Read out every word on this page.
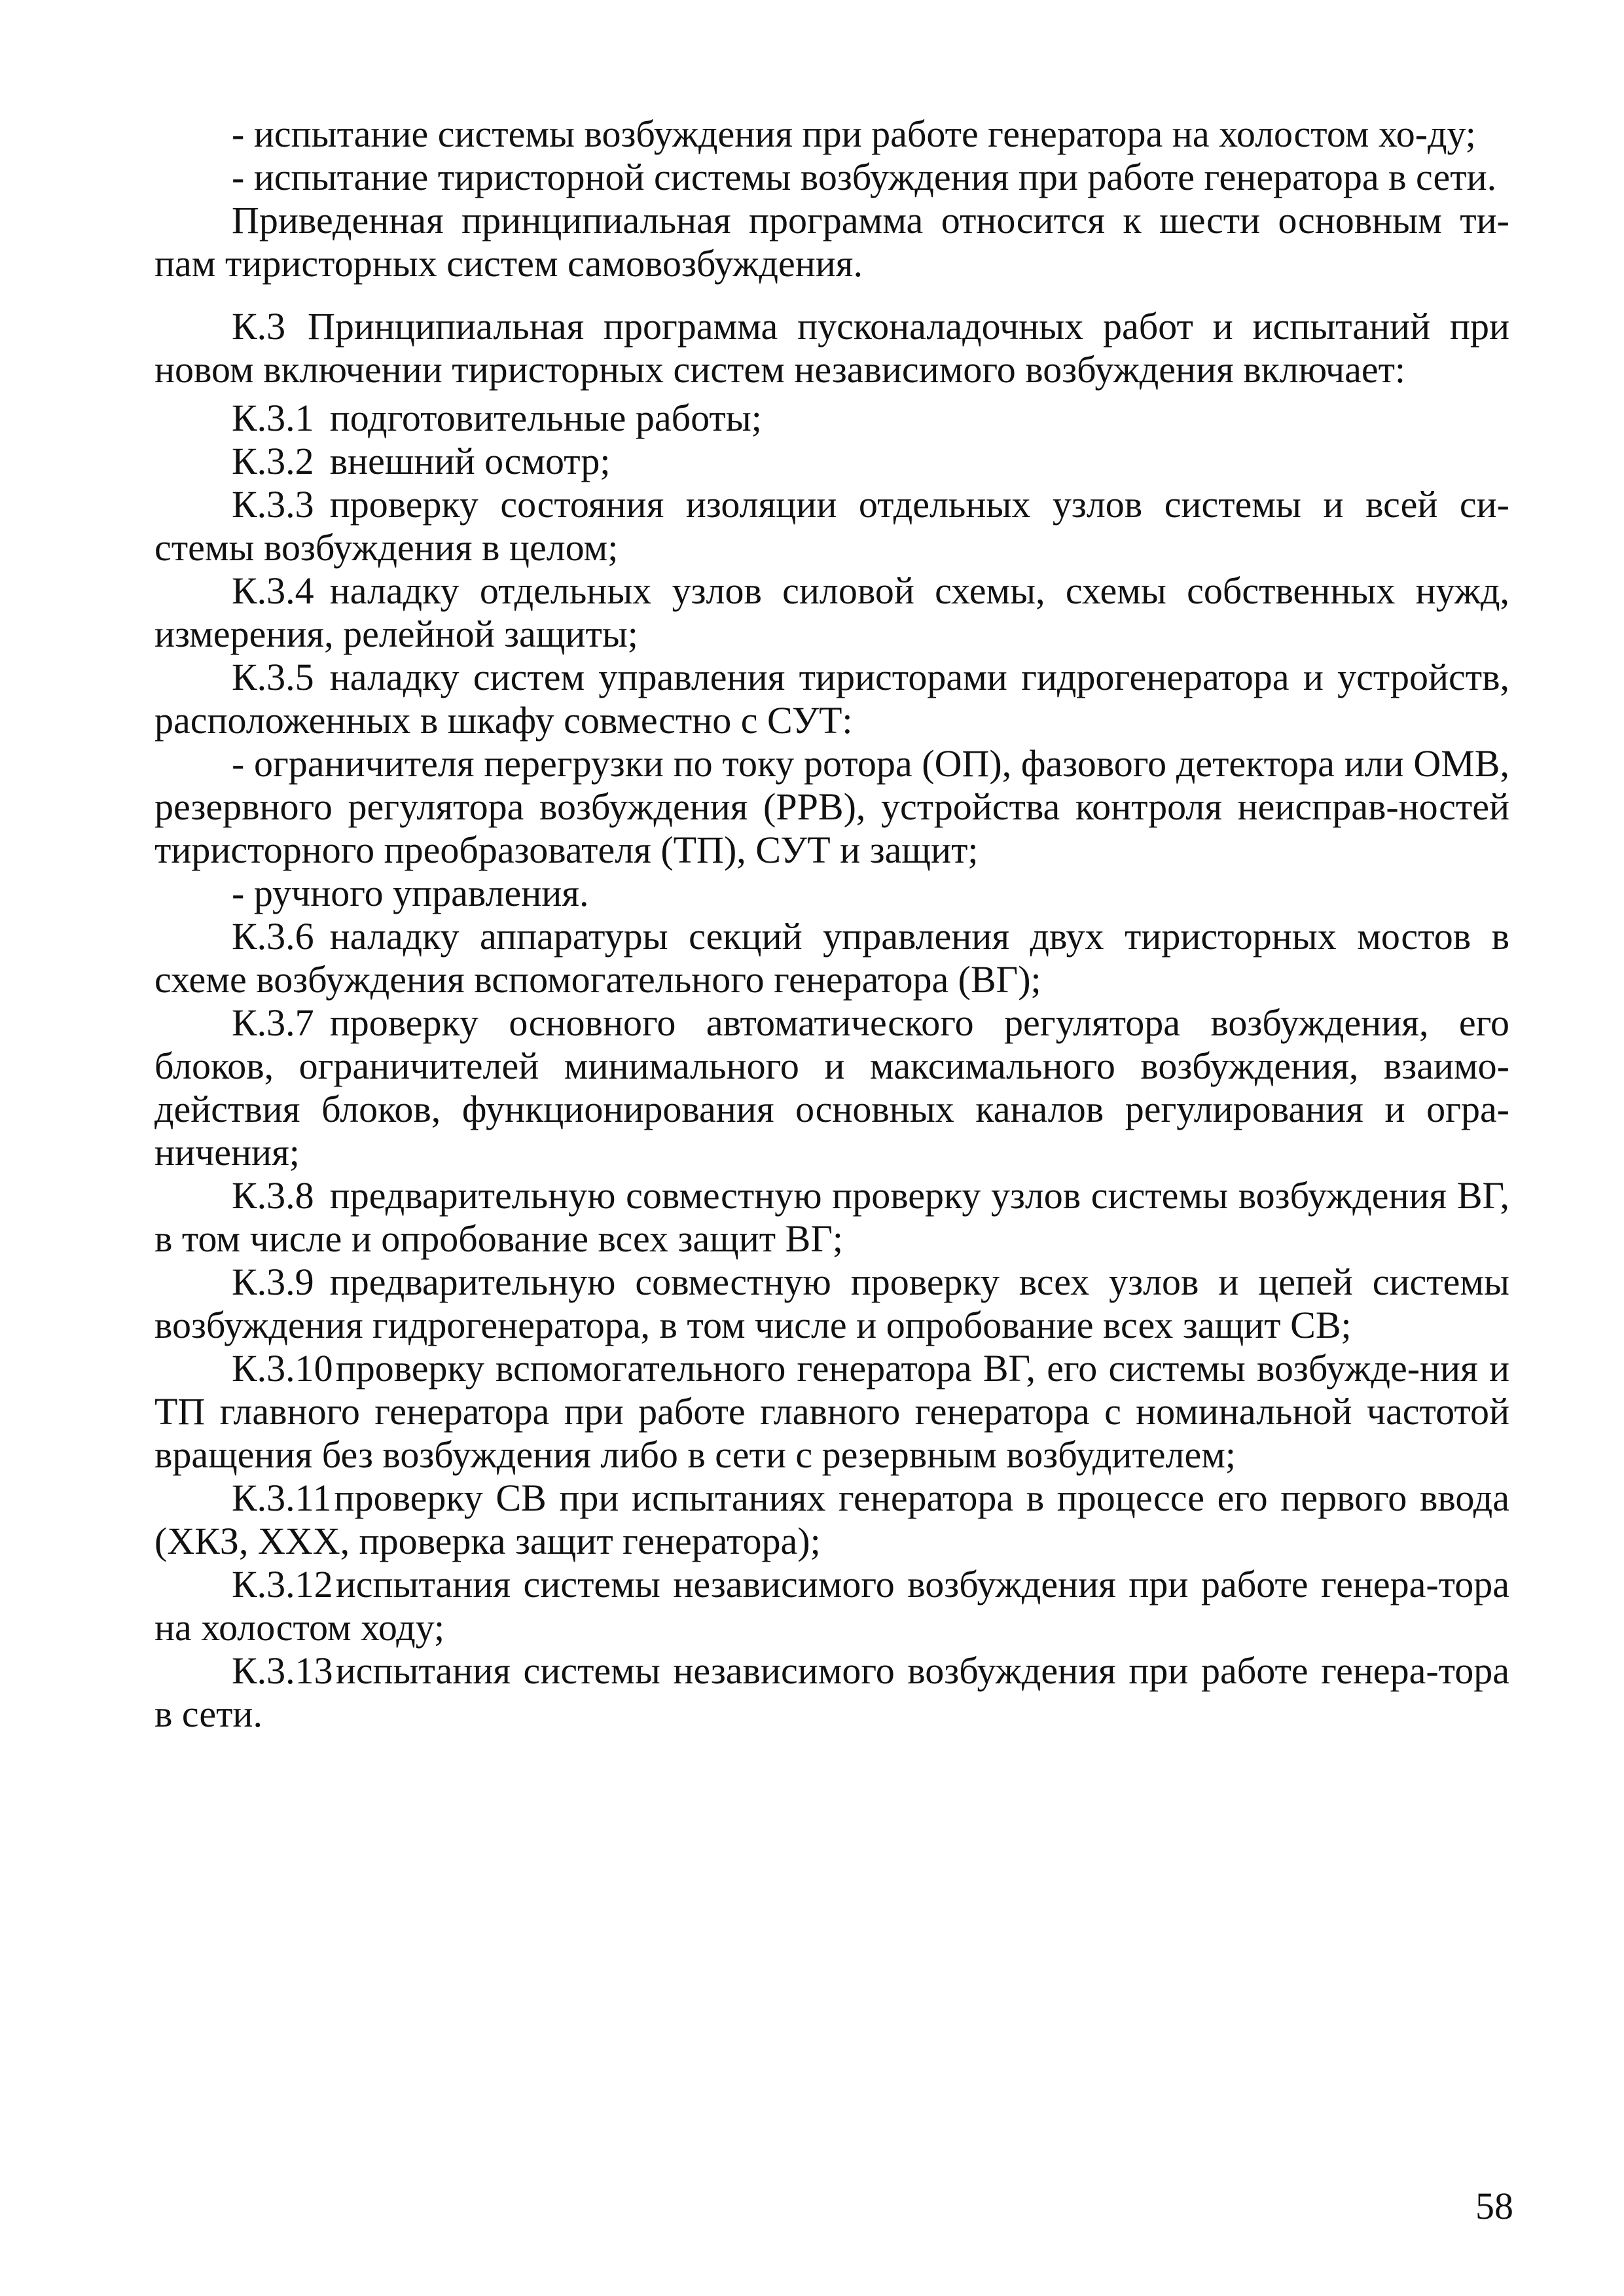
- испытание системы возбуждения при работе генератора на холостом хо-ду;

- испытание тиристорной системы возбуждения при работе генератора в сети.

Приведенная принципиальная программа относится к шести основным ти-пам тиристорных систем самовозбуждения.

К.3 Принципиальная программа пусконаладочных работ и испытаний при новом включении тиристорных систем независимого возбуждения включает:

К.3.1 подготовительные работы;

К.3.2 внешний осмотр;

К.3.3 проверку состояния изоляции отдельных узлов системы и всей си-стемы возбуждения в целом;

К.3.4 наладку отдельных узлов силовой схемы, схемы собственных нужд, измерения, релейной защиты;

К.3.5 наладку систем управления тиристорами гидрогенератора и устройств, расположенных в шкафу совместно с СУТ:

- ограничителя перегрузки по току ротора (ОП), фазового детектора или ОМВ, резервного регулятора возбуждения (РРВ), устройства контроля неисправ-ностей тиристорного преобразователя (ТП), СУТ и защит;

- ручного управления.

К.3.6 наладку аппаратуры секций управления двух тиристорных мостов в схеме возбуждения вспомогательного генератора (ВГ);

К.3.7 проверку основного автоматического регулятора возбуждения, его блоков, ограничителей минимального и максимального возбуждения, взаимо-действия блоков, функционирования основных каналов регулирования и огра-ничения;

К.3.8 предварительную совместную проверку узлов системы возбуждения ВГ, в том числе и опробование всех защит ВГ;

К.3.9 предварительную совместную проверку всех узлов и цепей системы возбуждения гидрогенератора, в том числе и опробование всех защит СВ;

К.3.10проверку вспомогательного генератора ВГ, его системы возбужде-ния и ТП главного генератора при работе главного генератора с номинальной частотой вращения без возбуждения либо в сети с резервным возбудителем;

К.3.11проверку СВ при испытаниях генератора в процессе его первого ввода (ХКЗ, ХХХ, проверка защит генератора);

К.3.12испытания системы независимого возбуждения при работе генера-тора на холостом ходу;

К.3.13испытания системы независимого возбуждения при работе генера-тора в сети.

58
